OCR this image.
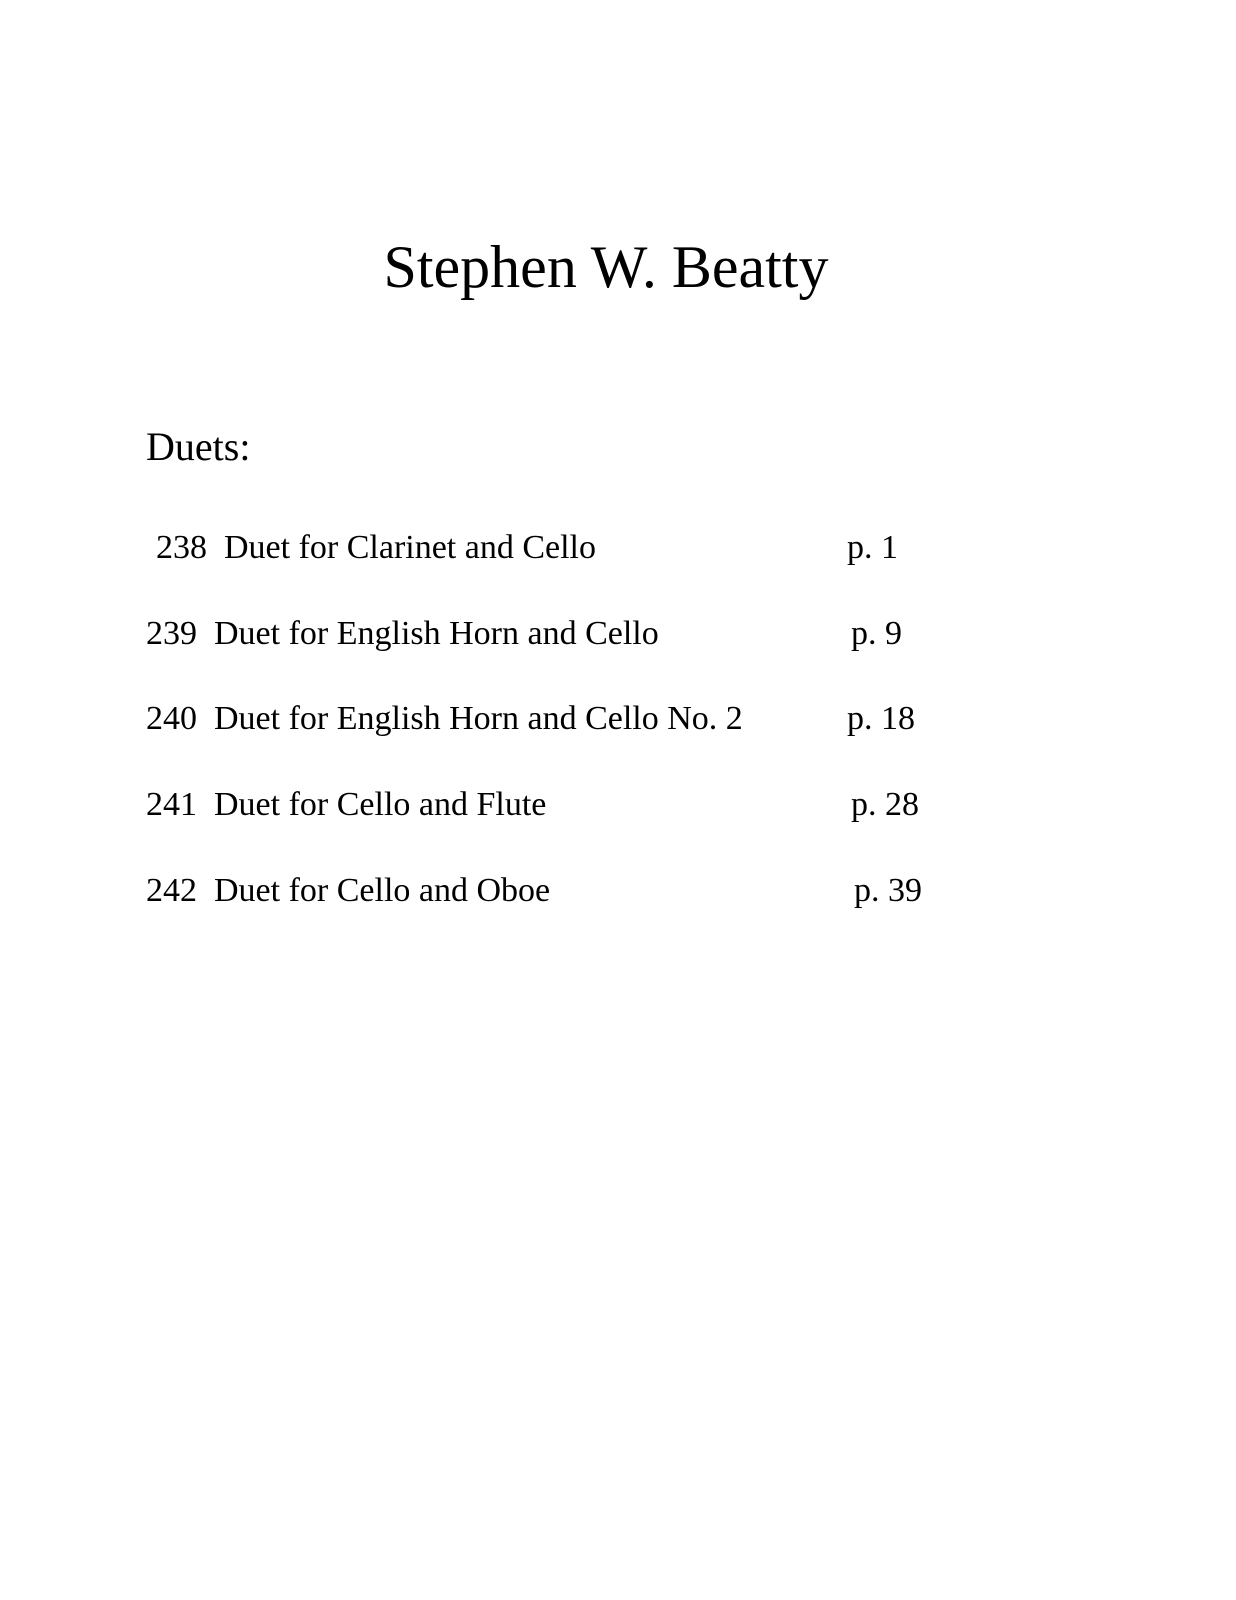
Stephen W. Beatty
Duets:
238 Duet for Clarinet and Cello	p. 1
239 Duet for English Horn and Cello	p. 9
240 Duet for English Horn and Cello No. 2	p. 18
241 Duet for Cello and Flute	p. 28
242 Duet for Cello and Oboe	p. 39
